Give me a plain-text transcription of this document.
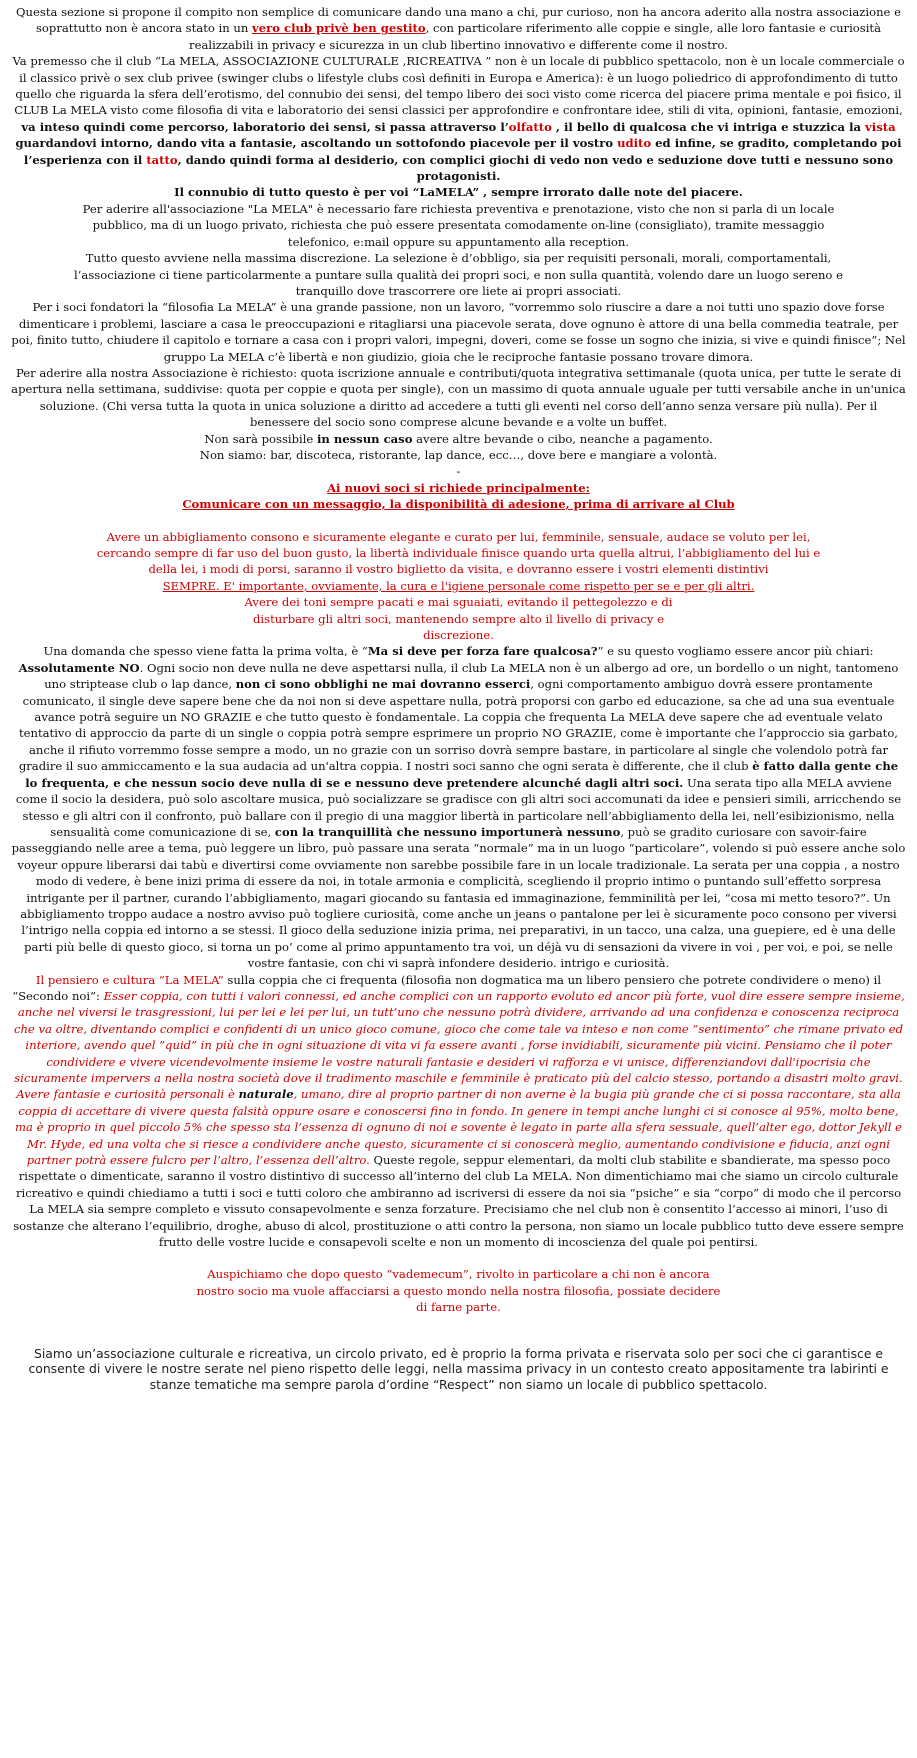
Questa sezione si propone il compito non semplice di comunicare dando una mano a chi, pur curioso, non ha ancora aderito alla nostra associazione e soprattutto non è ancora stato in un vero club privè ben gestito, con particolare riferimento alle coppie e single, alle loro fantasie e curiosità realizzabili in privacy e sicurezza in un club libertino innovativo e differente come il nostro.

Va premesso che il club “La MELA, ASSOCIAZIONE CULTURALE ,RICREATIVA ” non è un locale di pubblico spettacolo, non è un locale commerciale o il classico privè o sex club privee (swinger clubs o lifestyle clubs così definiti in Europa e America): è un luogo poliedrico di approfondimento di tutto quello che riguarda la sfera dell’erotismo, del connubio dei sensi, del tempo libero dei soci visto come ricerca del piacere prima mentale e poi fisico, il CLUB La MELA visto come filosofia di vita e laboratorio dei sensi classici per approfondire e confrontare idee, stili di vita, opinioni, fantasie, emozioni, va inteso quindi come percorso, laboratorio dei sensi, si passa attraverso l’olfatto , il bello di qualcosa che vi intriga e stuzzica la vista guardandovi intorno, dando vita a fantasie, ascoltando un sottofondo piacevole per il vostro udito ed infine, se gradito, completando poi l’esperienza con il tatto, dando quindi forma al desiderio, con complici giochi di vedo non vedo e seduzione dove tutti e nessuno sono protagonisti.

Il connubio di tutto questo è per voi “LaMELA” , sempre irrorato dalle note del piacere.

Per aderire all'associazione "La MELA" è necessario fare richiesta preventiva e prenotazione, visto che non si parla di un locale pubblico, ma di un luogo privato, richiesta che può essere presentata comodamente on-line (consigliato), tramite messaggio telefonico, e:mail oppure su appuntamento alla reception.

Tutto questo avviene nella massima discrezione. La selezione è d’obbligo, sia per requisiti personali, morali, comportamentali, l’associazione ci tiene particolarmente a puntare sulla qualità dei propri soci, e non sulla quantità, volendo dare un luogo sereno e tranquillo dove trascorrere ore liete ai propri associati.

Per i soci fondatori la “filosofia La MELA” è una grande passione, non un lavoro, “vorremmo solo riuscire a dare a noi tutti uno spazio dove forse dimenticare i problemi, lasciare a casa le preoccupazioni e ritagliarsi una piacevole serata, dove ognuno è attore di una bella commedia teatrale, per poi, finito tutto, chiudere il capitolo e tornare a casa con i propri valori, impegni, doveri, come se fosse un sogno che inizia, si vive e quindi finisce”; Nel gruppo La MELA c’è libertà e non giudizio, gioia che le reciproche fantasie possano trovare dimora.

Per aderire alla nostra Associazione è richiesto: quota iscrizione annuale e contributi/quota integrativa settimanale (quota unica, per tutte le serate di apertura nella settimana, suddivise: quota per coppie e quota per single), con un massimo di quota annuale uguale per tutti versabile anche in un'unica soluzione. (Chi versa tutta la quota in unica soluzione a diritto ad accedere a tutti gli eventi nel corso dell’anno senza versare più nulla). Per il benessere del socio sono comprese alcune bevande e a volte un buffet.

Non sarà possibile in nessun caso avere altre bevande o cibo, neanche a pagamento.

Non siamo: bar, discoteca, ristorante, lap dance, ecc…, dove bere e mangiare a volontà.

-

Ai nuovi soci si richiede principalmente:

Comunicare con un messaggio, la disponibilità di adesione, prima di arrivare al Club

Avere un abbigliamento consono e sicuramente elegante e curato per lui, femminile, sensuale, audace se voluto per lei, cercando sempre di far uso del buon gusto, la libertà individuale finisce quando urta quella altrui, l’abbigliamento del lui e della lei, i modi di porsi, saranno il vostro biglietto da visita, e dovranno essere i vostri elementi distintivi

SEMPRE. E' importante, ovviamente, la cura e l'igiene personale come rispetto per se e per gli altri.

Avere dei toni sempre pacati e mai sguaiati, evitando il pettegolezzo e di disturbare gli altri soci, mantenendo sempre alto il livello di privacy e discrezione.

Una domanda che spesso viene fatta la prima volta, è “Ma si deve per forza fare qualcosa?” e su questo vogliamo essere ancor più chiari: Assolutamente NO. Ogni socio non deve nulla ne deve aspettarsi nulla, il club La MELA non è un albergo ad ore, un bordello o un night, tantomeno uno striptease club o lap dance, non ci sono obblighi ne mai dovranno esserci, ogni comportamento ambiguo dovrà essere prontamente comunicato, il single deve sapere bene che da noi non si deve aspettare nulla, potrà proporsi con garbo ed educazione, sa che ad una sua eventuale avance potrà seguire un NO GRAZIE e che tutto questo è fondamentale. La coppia che frequenta La MELA deve sapere che ad eventuale velato tentativo di approccio da parte di un single o coppia potrà sempre esprimere un proprio NO GRAZIE, come è importante che l’approccio sia garbato, anche il rifiuto vorremmo fosse sempre a modo, un no grazie con un sorriso dovrà sempre bastare, in particolare al single che volendolo potrà far gradire il suo ammiccamento e la sua audacia ad un'altra coppia. I nostri soci sanno che ogni serata è differente, che il club è fatto dalla gente che lo frequenta, e che nessun socio deve nulla di se e nessuno deve pretendere alcunché dagli altri soci. Una serata tipo alla MELA avviene come il socio la desidera, può solo ascoltare musica, può socializzare se gradisce con gli altri soci accomunati da idee e pensieri simili, arricchendo se stesso e gli altri con il confronto, può ballare con il pregio di una maggior libertà in particolare nell’abbigliamento della lei, nell’esibizionismo, nella sensualità come comunicazione di se, con la tranquillità che nessuno importunerà nessuno, può se gradito curiosare con savoir-faire passeggiando nelle aree a tema, può leggere un libro, può passare una serata “normale” ma in un luogo “particolare”, volendo si può essere anche solo voyeur oppure liberarsi dai tabù e divertirsi come ovviamente non sarebbe possibile fare in un locale tradizionale. La serata per una coppia , a nostro modo di vedere, è bene inizi prima di essere da noi, in totale armonia e complicità, scegliendo il proprio intimo o puntando sull’effetto sorpresa intrigante per il partner, curando l’abbigliamento, magari giocando su fantasia ed immaginazione, femminilità per lei, “cosa mi metto tesoro?”. Un abbigliamento troppo audace a nostro avviso può togliere curiosità, come anche un jeans o pantalone per lei è sicuramente poco consono per viversi l’intrigo nella coppia ed intorno a se stessi. Il gioco della seduzione inizia prima, nei preparativi, in un tacco, una calza, una guepiere, ed è una delle parti più belle di questo gioco, si torna un po’ come al primo appuntamento tra voi, un déjà vu di sensazioni da vivere in voi , per voi, e poi, se nelle vostre fantasie, con chi vi saprà infondere desiderio. intrigo e curiosità.

Il pensiero e cultura “La MELA” sulla coppia che ci frequenta (filosofia non dogmatica ma un libero pensiero che potrete condividere o meno) il “Secondo noi”: Esser coppia, con tutti i valori connessi, ed anche complici con un rapporto evoluto ed ancor più forte, vuol dire essere sempre insieme, anche nel viversi le trasgressioni, lui per lei e lei per lui, un tutt’uno che nessuno potrà dividere, arrivando ad una confidenza e conoscenza reciproca che va oltre, diventando complici e confidenti di un unico gioco comune, gioco che come tale va inteso e non come ”sentimento” che rimane privato ed interiore, avendo quel ”quid” in più che in ogni situazione di vita vi fa essere avanti , forse invidiabili, sicuramente più vicini. Pensiamo che il poter condividere e vivere vicendevolmente insieme le vostre naturali fantasie e desideri vi rafforza e vi unisce, differenziandovi dall'ipocrisia che sicuramente impervers a nella nostra società dove il tradimento maschile e femminile è praticato più del calcio stesso, portando a disastri molto gravi. Avere fantasie e curiosità personali è naturale, umano, dire al proprio partner di non averne è la bugia più grande che ci si possa raccontare, sta alla coppia di accettare di vivere questa falsità oppure osare e conoscersi fino in fondo. In genere in tempi anche lunghi ci si conosce al 95%, molto bene, ma è proprio in quel piccolo 5% che spesso sta l’essenza di ognuno di noi e sovente è legato in parte alla sfera sessuale, quell’alter ego, dottor Jekyll e Mr. Hyde, ed una volta che si riesce a condividere anche questo, sicuramente ci si conoscerà meglio, aumentando condivisione e fiducia, anzi ogni partner potrà essere fulcro per l’altro, l’essenza dell’altro. Queste regole, seppur elementari, da molti club stabilite e sbandierate, ma spesso poco rispettate o dimenticate, saranno il vostro distintivo di successo all’interno del club La MELA. Non dimentichiamo mai che siamo un circolo culturale ricreativo e quindi chiediamo a tutti i soci e tutti coloro che ambiranno ad iscriversi di essere da noi sia “psiche” e sia “corpo” di modo che il percorso La MELA sia sempre completo e vissuto consapevolmente e senza forzature. Precisiamo che nel club non è consentito l’accesso ai minori, l’uso di sostanze che alterano l’equilibrio, droghe, abuso di alcol, prostituzione o atti contro la persona, non siamo un locale pubblico tutto deve essere sempre frutto delle vostre lucide e consapevoli scelte e non un momento di incoscienza del quale poi pentirsi.

Auspichiamo che dopo questo “vademecum”, rivolto in particolare a chi non è ancora nostro socio ma vuole affacciarsi a questo mondo nella nostra filosofia, possiate decidere di farne parte.

Siamo un’associazione culturale e ricreativa, un circolo privato, ed è proprio la forma privata e riservata solo per soci che ci garantisce e consente di vivere le nostre serate nel pieno rispetto delle leggi, nella massima privacy in un contesto creato appositamente tra labirinti e stanze tematiche ma sempre parola d’ordine “Respect” non siamo un locale di pubblico spettacolo.
